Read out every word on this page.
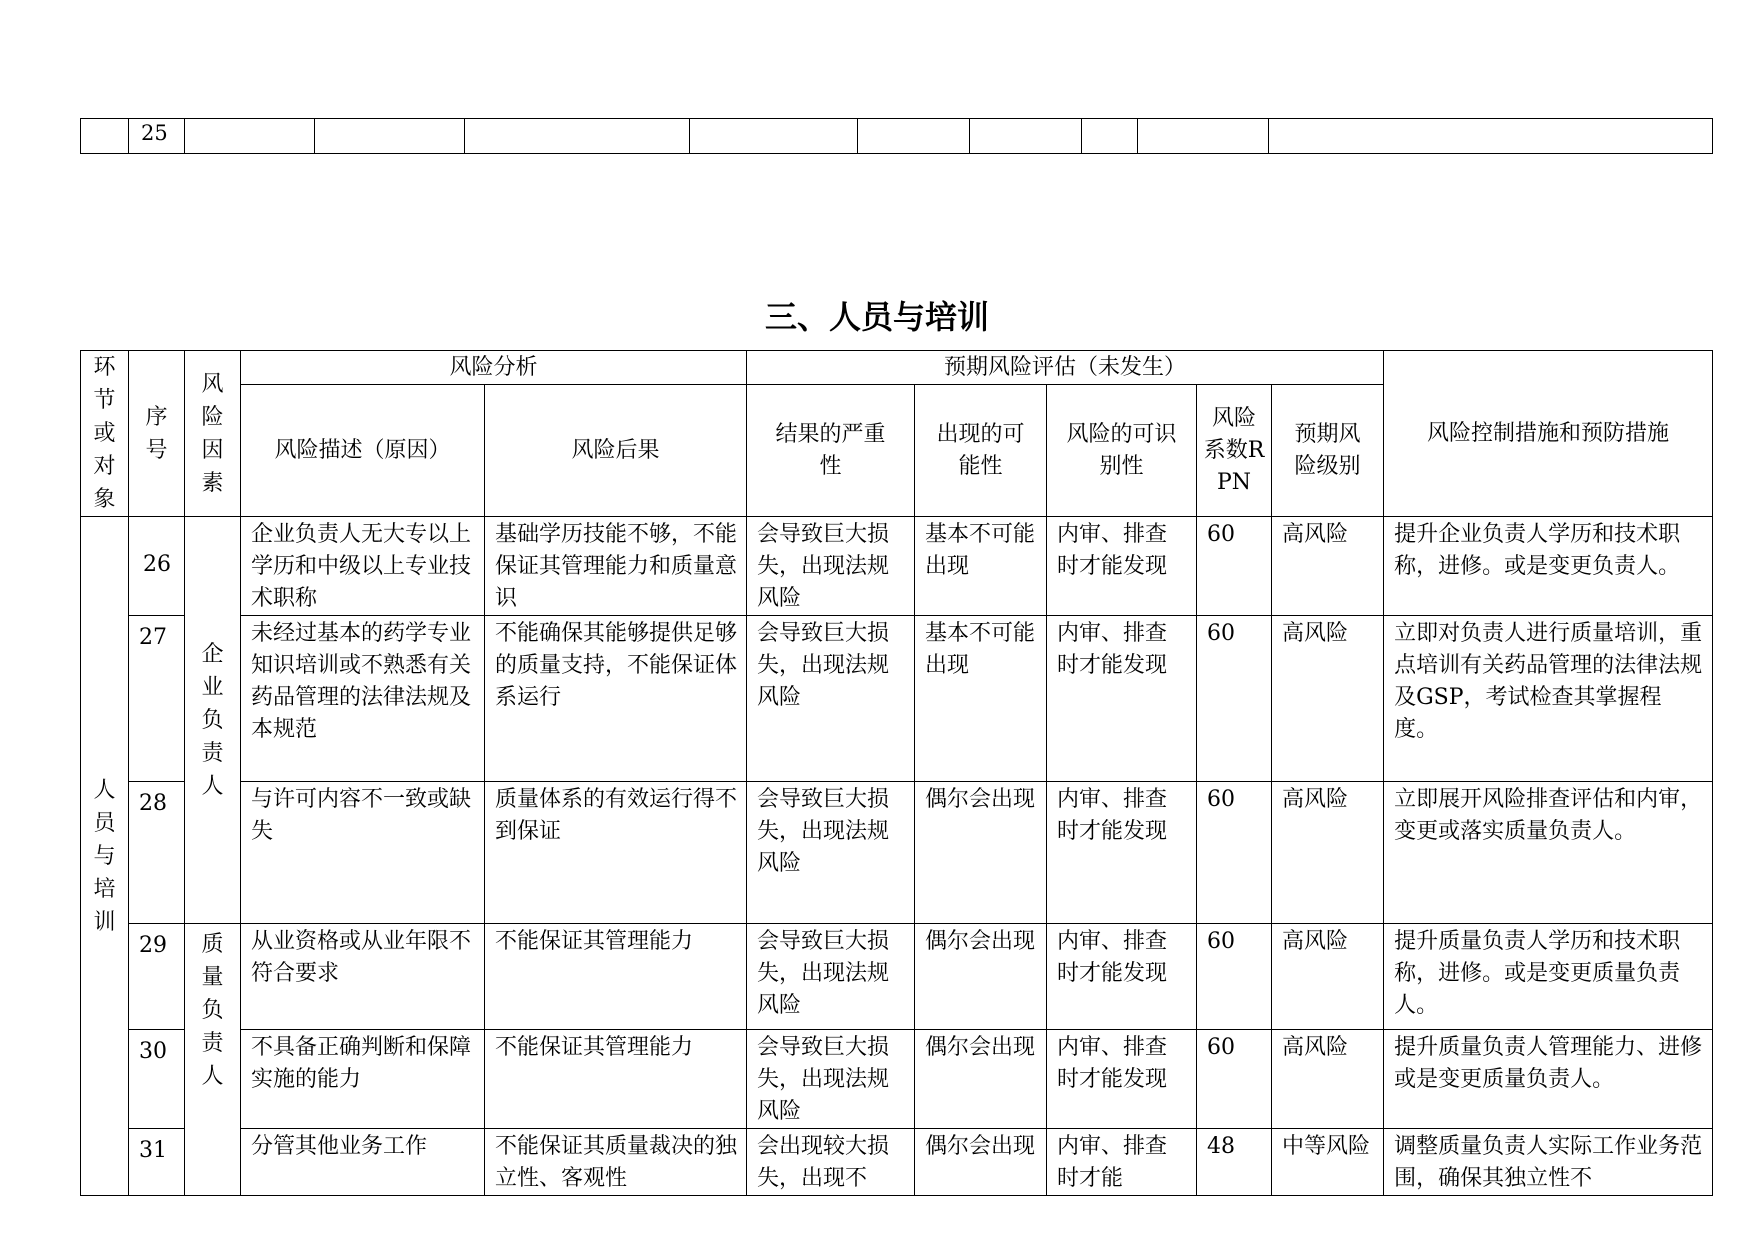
	25									
三、人员与培训
环节或对象	序号	风险因素	风险分析		预期风险评估（未发生）					风险控制措施和预防措施
			风险描述（原因）	风险后果	结果的严重性	出现的可能性	风险的可识别性	风险系数RPN	预期风险级别	

人员与培训	26	企业负责人	企业负责人无大专以上学历和中级以上专业技术职称	基础学历技能不够，不能保证其管理能力和质量意识	会导致巨大损失，出现法规风险	基本不可能出现	内审、排查时才能发现	60	高风险	提升企业负责人学历和技术职称，进修。或是变更负责人。
	27		未经过基本的药学专业知识培训或不熟悉有关药品管理的法律法规及本规范	不能确保其能够提供足够的质量支持，不能保证体系运行	会导致巨大损失，出现法规风险	基本不可能出现	内审、排查时才能发现	60	高风险	立即对负责人进行质量培训，重点培训有关药品管理的法律法规及GSP，考试检查其掌握程度。
	28		与许可内容不一致或缺失	质量体系的有效运行得不到保证	会导致巨大损失，出现法规风险	偶尔会出现	内审、排查时才能发现	60	高风险	立即展开风险排查评估和内审，变更或落实质量负责人。
	29	质量负责人	从业资格或从业年限不符合要求	不能保证其管理能力	会导致巨大损失，出现法规风险	偶尔会出现	内审、排查时才能发现	60	高风险	提升质量负责人学历和技术职称，进修。或是变更质量负责人。
	30		不具备正确判断和保障实施的能力	不能保证其管理能力	会导致巨大损失，出现法规风险	偶尔会出现	内审、排查时才能发现	60	高风险	提升质量负责人管理能力、进修或是变更质量负责人。
	31		分管其他业务工作	不能保证其质量裁决的独立性、客观性	会出现较大损失，出现不	偶尔会出现	内审、排查时才能	48	中等风险	调整质量负责人实际工作业务范围，确保其独立性不
